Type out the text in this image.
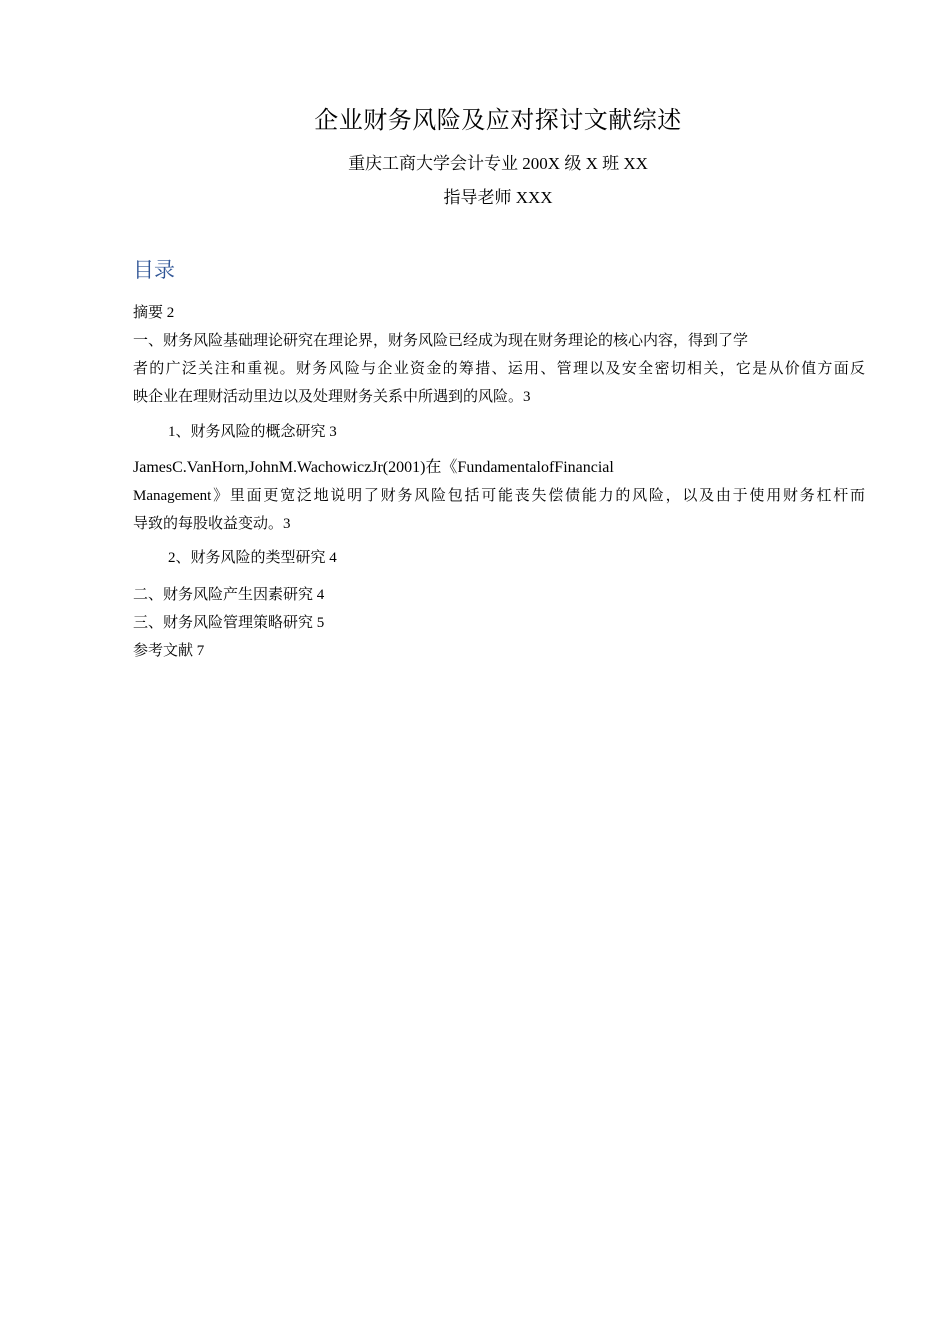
企业财务风险及应对探讨文献综述
重庆工商大学会计专业 200X 级 X 班 XX
指导老师 XXX
目录
摘要 2
一、财务风险基础理论研究在理论界，财务风险已经成为现在财务理论的核心内容，得到了学
者的广泛关注和重视。财务风险与企业资金的筹措、运用、管理以及安全密切相关，它是从价值方面反
映企业在理财活动里边以及处理财务关系中所遇到的风险。3
1、财务风险的概念研究 3
JamesC.VanHorn,JohnM.WachowiczJr(2001)在《FundamentalofFinancial
Management》里面更宽泛地说明了财务风险包括可能丧失偿债能力的风险，以及由于使用财务杠杆而
导致的每股收益变动。3
2、财务风险的类型研究 4
二、财务风险产生因素研究 4
三、财务风险管理策略研究 5
参考文献 7
